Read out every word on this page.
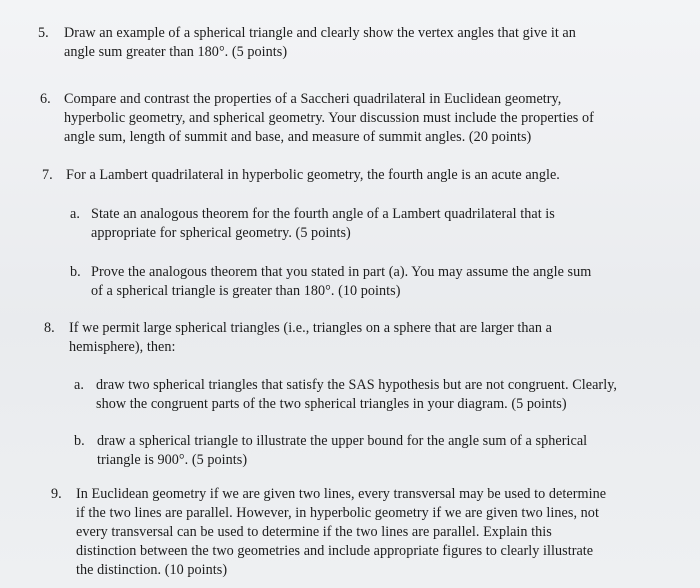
5.	Draw an example of a spherical triangle and clearly show the vertex angles that give it an
angle sum greater than 180°. (5 points)
6. Compare and contrast the properties of a Saccheri quadrilateral in Euclidean geometry,
hyperbolic geometry, and spherical geometry. Your discussion must include the properties of
angle sum, length of summit and base, and measure of summit angles. (20 points)
7. For a Lambert quadrilateral in hyperbolic geometry, the fourth angle is an acute angle.
a. State an analogous theorem for the fourth angle of a Lambert quadrilateral that is
appropriate for spherical geometry. (5 points)
b. Prove the analogous theorem that you stated in part (a). You may assume the angle sum
of a spherical triangle is greater than 180°. (10 points)
8.	If we permit large spherical triangles (i.e., triangles on a sphere that are larger than a
hemisphere), then:
a. draw two spherical triangles that satisfy the SAS hypothesis but are not congruent. Clearly,
show the congruent parts of the two spherical triangles in your diagram. (5 points)
b. draw a spherical triangle to illustrate the upper bound for the angle sum of a spherical
triangle is 900°. (5 points)
9.	In Euclidean geometry if we are given two lines, every transversal may be used to determine
if the two lines are parallel. However, in hyperbolic geometry if we are given two lines, not
every transversal can be used to determine if the two lines are parallel. Explain this
distinction between the two geometries and include appropriate figures to clearly illustrate
the distinction. (10 points)
